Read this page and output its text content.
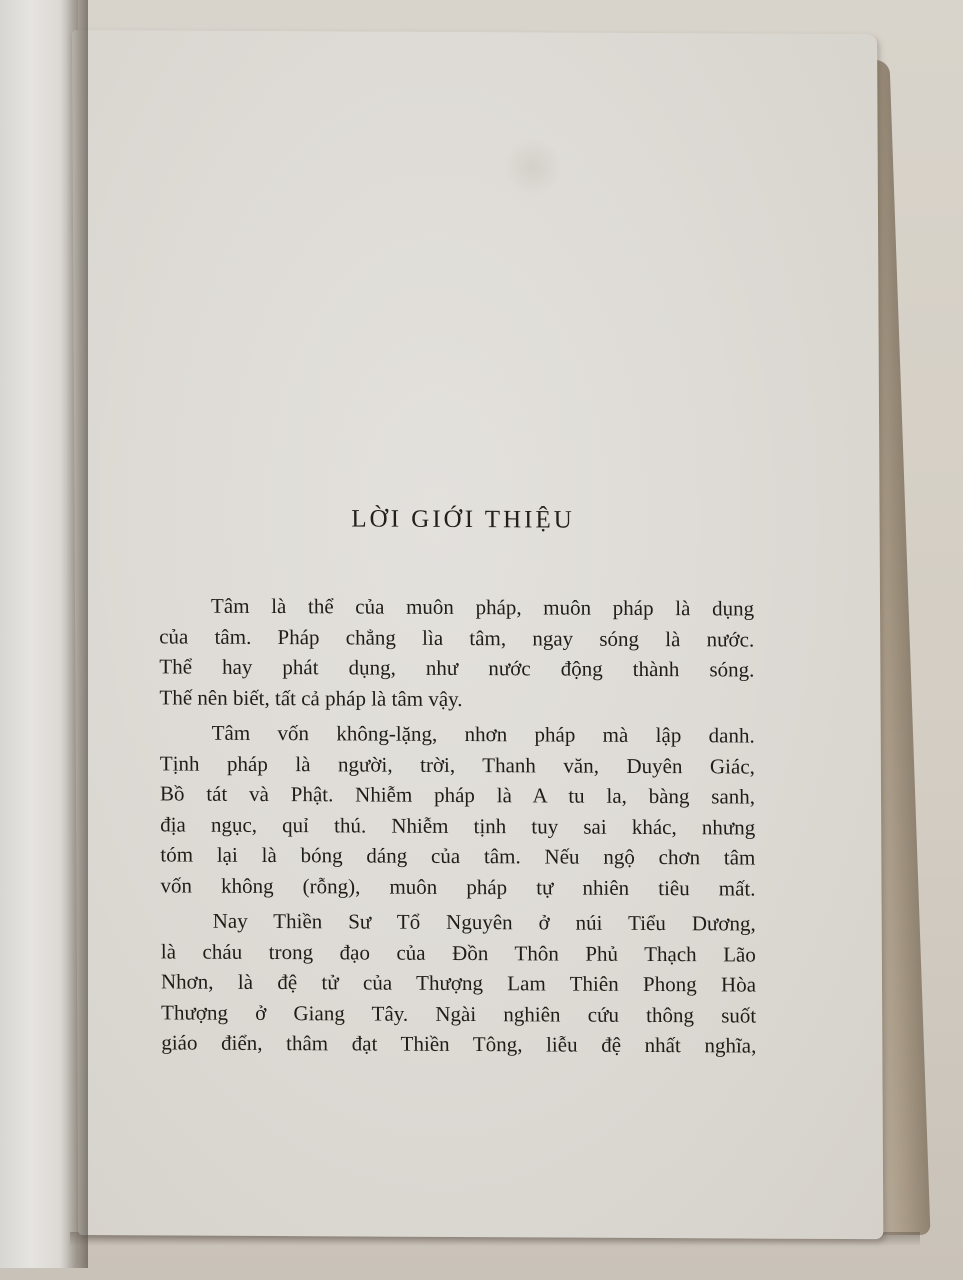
LỜI GIỚI THIỆU

Tâm là thể của muôn pháp, muôn pháp là dụng
của tâm. Pháp chẳng lìa tâm, ngay sóng là nước.
Thể hay phát dụng, như nước động thành sóng.
Thế nên biết, tất cả pháp là tâm vậy.

Tâm vốn không-lặng, nhơn pháp mà lập danh.
Tịnh pháp là người, trời, Thanh văn, Duyên Giác,
Bồ tát và Phật. Nhiễm pháp là A tu la, bàng sanh,
địa ngục, quỉ thú. Nhiễm tịnh tuy sai khác, nhưng
tóm lại là bóng dáng của tâm. Nếu ngộ chơn tâm
vốn không (rỗng), muôn pháp tự nhiên tiêu mất.

Nay Thiền Sư Tổ Nguyên ở núi Tiểu Dương,
là cháu trong đạo của Đồn Thôn Phủ Thạch Lão
Nhơn, là đệ tử của Thượng Lam Thiên Phong Hòa
Thượng ở Giang Tây. Ngài nghiên cứu thông suốt
giáo điển, thâm đạt Thiền Tông, liễu đệ nhất nghĩa,
